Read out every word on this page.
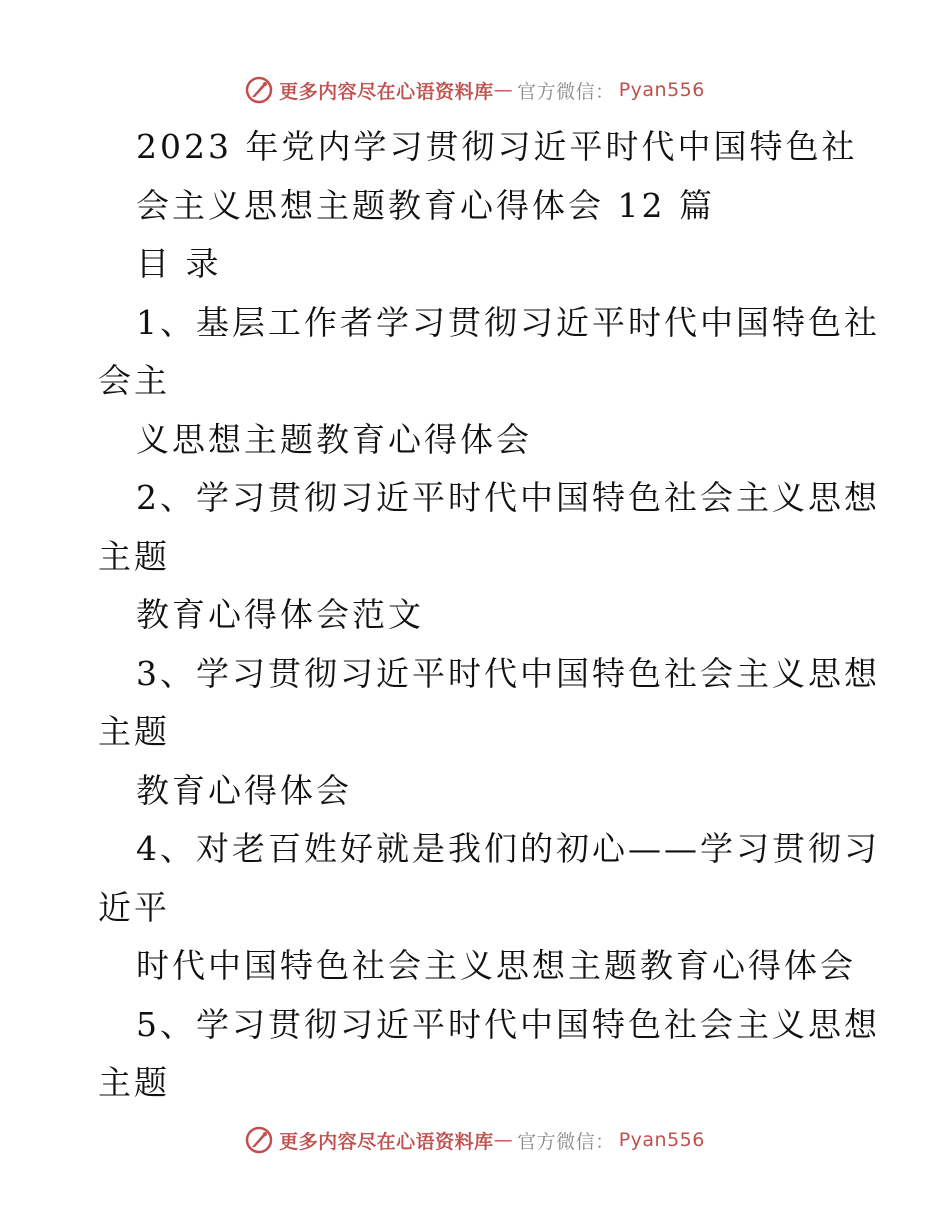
更多内容尽在心语资料库 — 官方微信： Pyan556
2023 年党内学习贯彻习近平时代中国特色社
会主义思想主题教育心得体会 12 篇
目 录
1、基层工作者学习贯彻习近平时代中国特色社
会主
义思想主题教育心得体会
2、学习贯彻习近平时代中国特色社会主义思想
主题
教育心得体会范文
3、学习贯彻习近平时代中国特色社会主义思想
主题
教育心得体会
4、对老百姓好就是我们的初心——学习贯彻习
近平
时代中国特色社会主义思想主题教育心得体会
5、学习贯彻习近平时代中国特色社会主义思想
主题
更多内容尽在心语资料库 — 官方微信： Pyan556
